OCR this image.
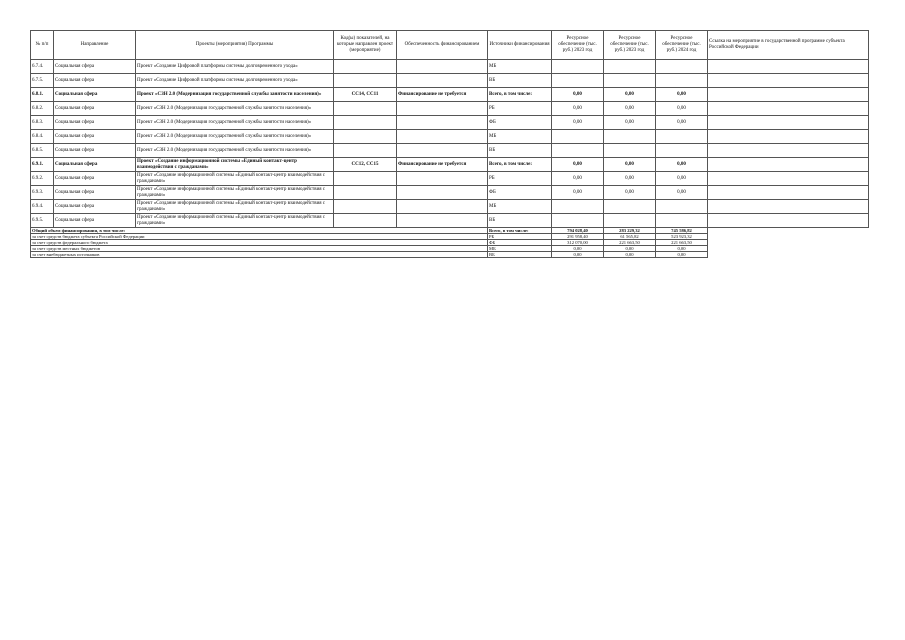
№ п/п	Направление	Проекты (мероприятия) Программы	Код(ы) показателей, на которые направлен проект (мероприятие)	Обеспеченность финансированием	Источники финансирования	Ресурсное обеспечение (тыс. руб.) 2023 год	Ресурсное обеспечение (тыс. руб.) 2023 год	Ресурсное обеспечение (тыс. руб.) 2024 год	Ссылка на мероприятие в государственной программе субъекта Российской Федерации
6.7.4.	Социальная сфера	Проект «Создание Цифровой платформы системы долговременного ухода»			МБ				
6.7.5.	Социальная сфера	Проект «Создание Цифровой платформы системы долговременного ухода»			ВБ				
6.8.1.	Социальная сфера	Проект «СЗН 2.0 (Модернизация государственной службы занятости населения)»	СС14, СС11	Финансирование не требуется	Всего, в том числе:	0,00	0,00	0,00	
6.8.2.	Социальная сфера	Проект «СЗН 2.0 (Модернизация государственной службы занятости населения)»			РБ	0,00	0,00	0,00	
6.8.3.	Социальная сфера	Проект «СЗН 2.0 (Модернизация государственной службы занятости населения)»			ФБ	0,00	0,00	0,00	
6.8.4.	Социальная сфера	Проект «СЗН 2.0 (Модернизация государственной службы занятости населения)»			МБ				
6.8.5.	Социальная сфера	Проект «СЗН 2.0 (Модернизация государственной службы занятости населения)»			ВБ				
6.9.1.	Социальная сфера	Проект «Создание информационной системы «Единый контакт-центр взаимодействия с гражданами»	СС12, СС15	Финансирование не требуется	Всего, в том числе:	0,00	0,00	0,00	
6.9.2.	Социальная сфера	Проект «Создание информационной системы «Единый контакт-центр взаимодействия с гражданами»			РБ	0,00	0,00	0,00	
6.9.3.	Социальная сфера	Проект «Создание информационной системы «Единый контакт-центр взаимодействия с гражданами»			ФБ	0,00	0,00	0,00	
6.9.4.	Социальная сфера	Проект «Создание информационной системы «Единый контакт-центр взаимодействия с гражданами»			МБ				
6.9.5.	Социальная сфера	Проект «Создание информационной системы «Единый контакт-центр взаимодействия с гражданами»			ВБ				
Общий объем финансирования, в том числе:					Всего, в том числе:	794 028,40	283 229,32	745 586,82	
за счет средств бюджета субъекта Российской Федерации					РБ	291 958,40	61 565,82	523 923,32	
за счет средств федерального бюджета					ФБ	312 070,00	221 663,50	221 663,50	
за счет средств местных бюджетов					МБ	0,00	0,00	0,00	
за счет внебюджетных источников					ВБ	0,00	0,00	0,00	
